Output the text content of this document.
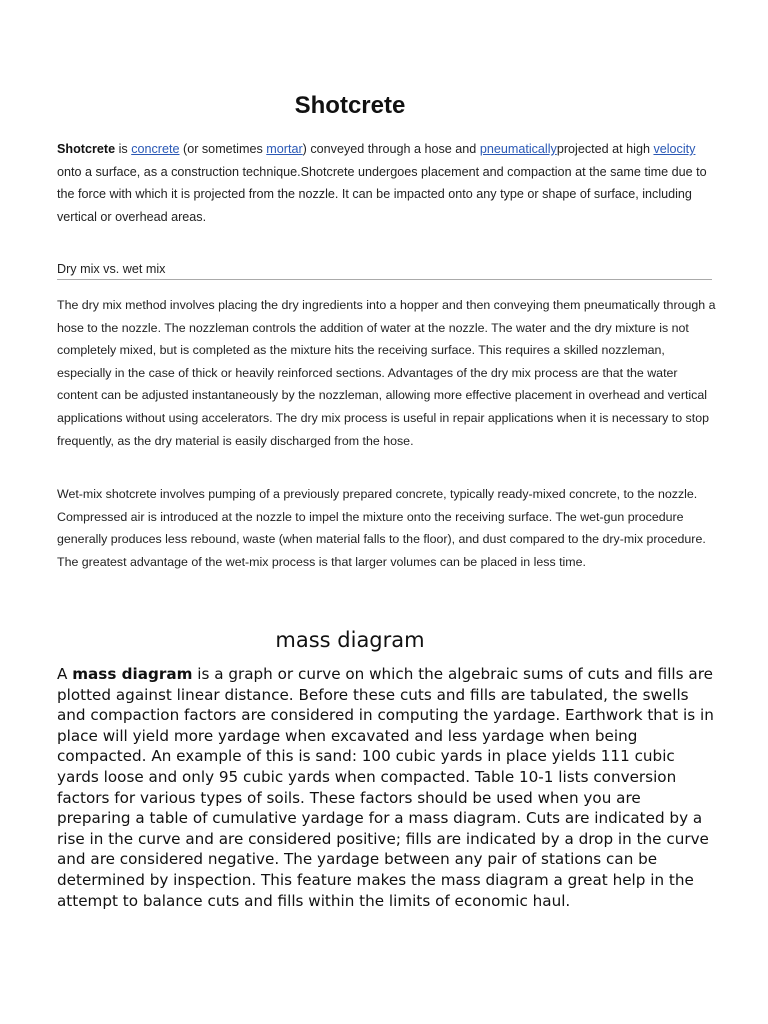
Shotcrete
Shotcrete is concrete (or sometimes mortar) conveyed through a hose and pneumaticallyprojected at high velocity onto a surface, as a construction technique.Shotcrete undergoes placement and compaction at the same time due to the force with which it is projected from the nozzle. It can be impacted onto any type or shape of surface, including vertical or overhead areas.
Dry mix vs. wet mix
The dry mix method involves placing the dry ingredients into a hopper and then conveying them pneumatically through a hose to the nozzle. The nozzleman controls the addition of water at the nozzle. The water and the dry mixture is not completely mixed, but is completed as the mixture hits the receiving surface. This requires a skilled nozzleman, especially in the case of thick or heavily reinforced sections. Advantages of the dry mix process are that the water content can be adjusted instantaneously by the nozzleman, allowing more effective placement in overhead and vertical applications without using accelerators. The dry mix process is useful in repair applications when it is necessary to stop frequently, as the dry material is easily discharged from the hose.
Wet-mix shotcrete involves pumping of a previously prepared concrete, typically ready-mixed concrete, to the nozzle. Compressed air is introduced at the nozzle to impel the mixture onto the receiving surface. The wet-gun procedure generally produces less rebound, waste (when material falls to the floor), and dust compared to the dry-mix procedure. The greatest advantage of the wet-mix process is that larger volumes can be placed in less time.
mass diagram
A mass diagram is a graph or curve on which the algebraic sums of cuts and fills are plotted against linear distance. Before these cuts and fills are tabulated, the swells and compaction factors are considered in computing the yardage. Earthwork that is in place will yield more yardage when excavated and less yardage when being compacted. An example of this is sand: 100 cubic yards in place yields 111 cubic yards loose and only 95 cubic yards when compacted. Table 10-1 lists conversion factors for various types of soils. These factors should be used when you are preparing a table of cumulative yardage for a mass diagram. Cuts are indicated by a rise in the curve and are considered positive; fills are indicated by a drop in the curve and are considered negative. The yardage between any pair of stations can be determined by inspection. This feature makes the mass diagram a great help in the attempt to balance cuts and fills within the limits of economic haul.
